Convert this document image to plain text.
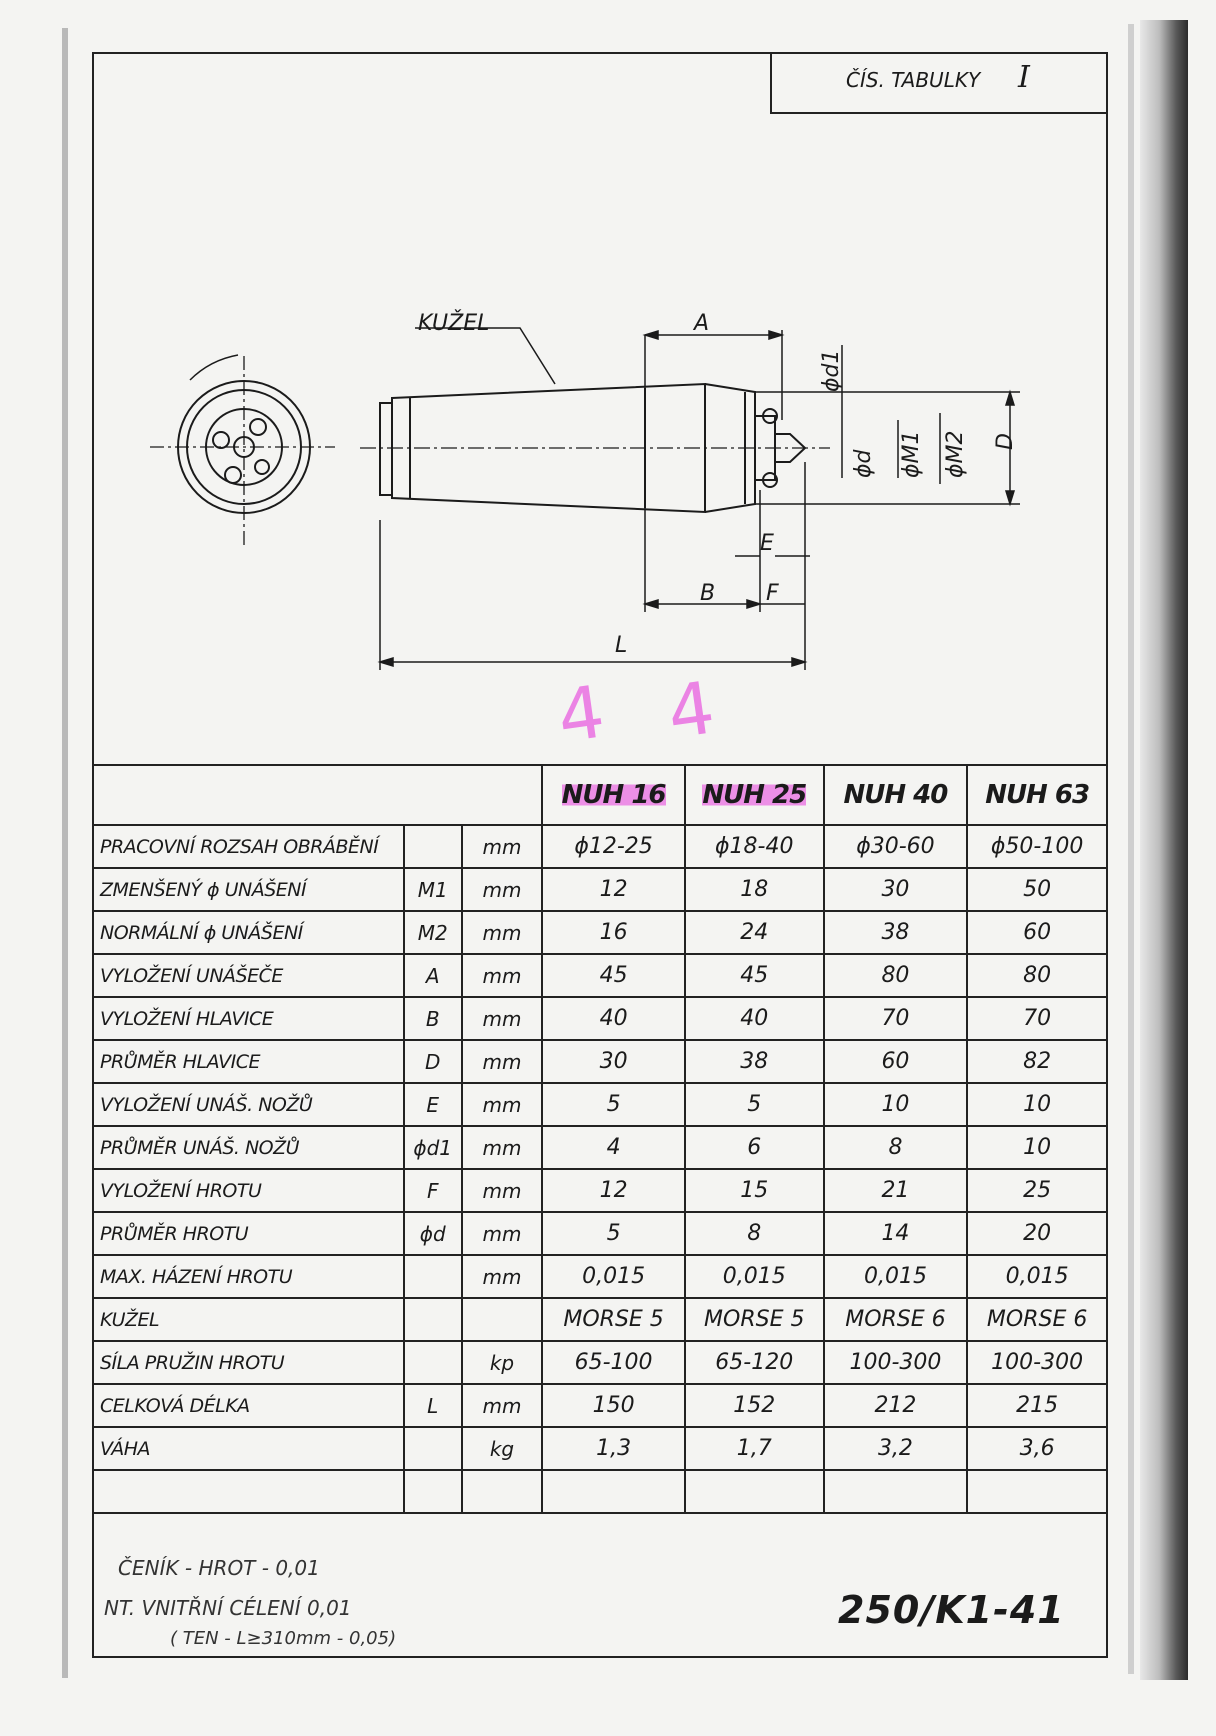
ČÍS. TABULKY I
KUŽEL	A
B F
E
L
D
ϕd1
ϕd ϕM1 ϕM2
4 4
			NUH 16	NUH 25	NUH 40	NUH 63
PRACOVNÍ ROZSAH OBRÁBĚNÍ		mm	ϕ12-25	ϕ18-40	ϕ30-60	ϕ50-100
ZMENŠENÝ ϕ UNÁŠENÍ	M1	mm	12	18	30	50
NORMÁLNÍ ϕ UNÁŠENÍ	M2	mm	16	24	38	60
VYLOŽENÍ UNÁŠEČE	A	mm	45	45	80	80
VYLOŽENÍ HLAVICE	B	mm	40	40	70	70
PRŮMĚR HLAVICE	D	mm	30	38	60	82
VYLOŽENÍ UNÁŠ. NOŽŮ	E	mm	5	5	10	10
PRŮMĚR UNÁŠ. NOŽŮ	ϕd1	mm	4	6	8	10
VYLOŽENÍ HROTU	F	mm	12	15	21	25
PRŮMĚR HROTU	ϕd	mm	5	8	14	20
MAX. HÁZENÍ HROTU		mm	0,015	0,015	0,015	0,015
KUŽEL			MORSE 5	MORSE 5	MORSE 6	MORSE 6
SÍLA PRUŽIN HROTU		kp	65-100	65-120	100-300	100-300
CELKOVÁ DÉLKA	L	mm	150	152	212	215
VÁHA		kg	1,3	1,7	3,2	3,6

ČENÍK - HROT - 0,01
NT. VNITŘNÍ CÉLENÍ 0,01
( TEN - L≥310mm - 0,05)
250/K1-41
